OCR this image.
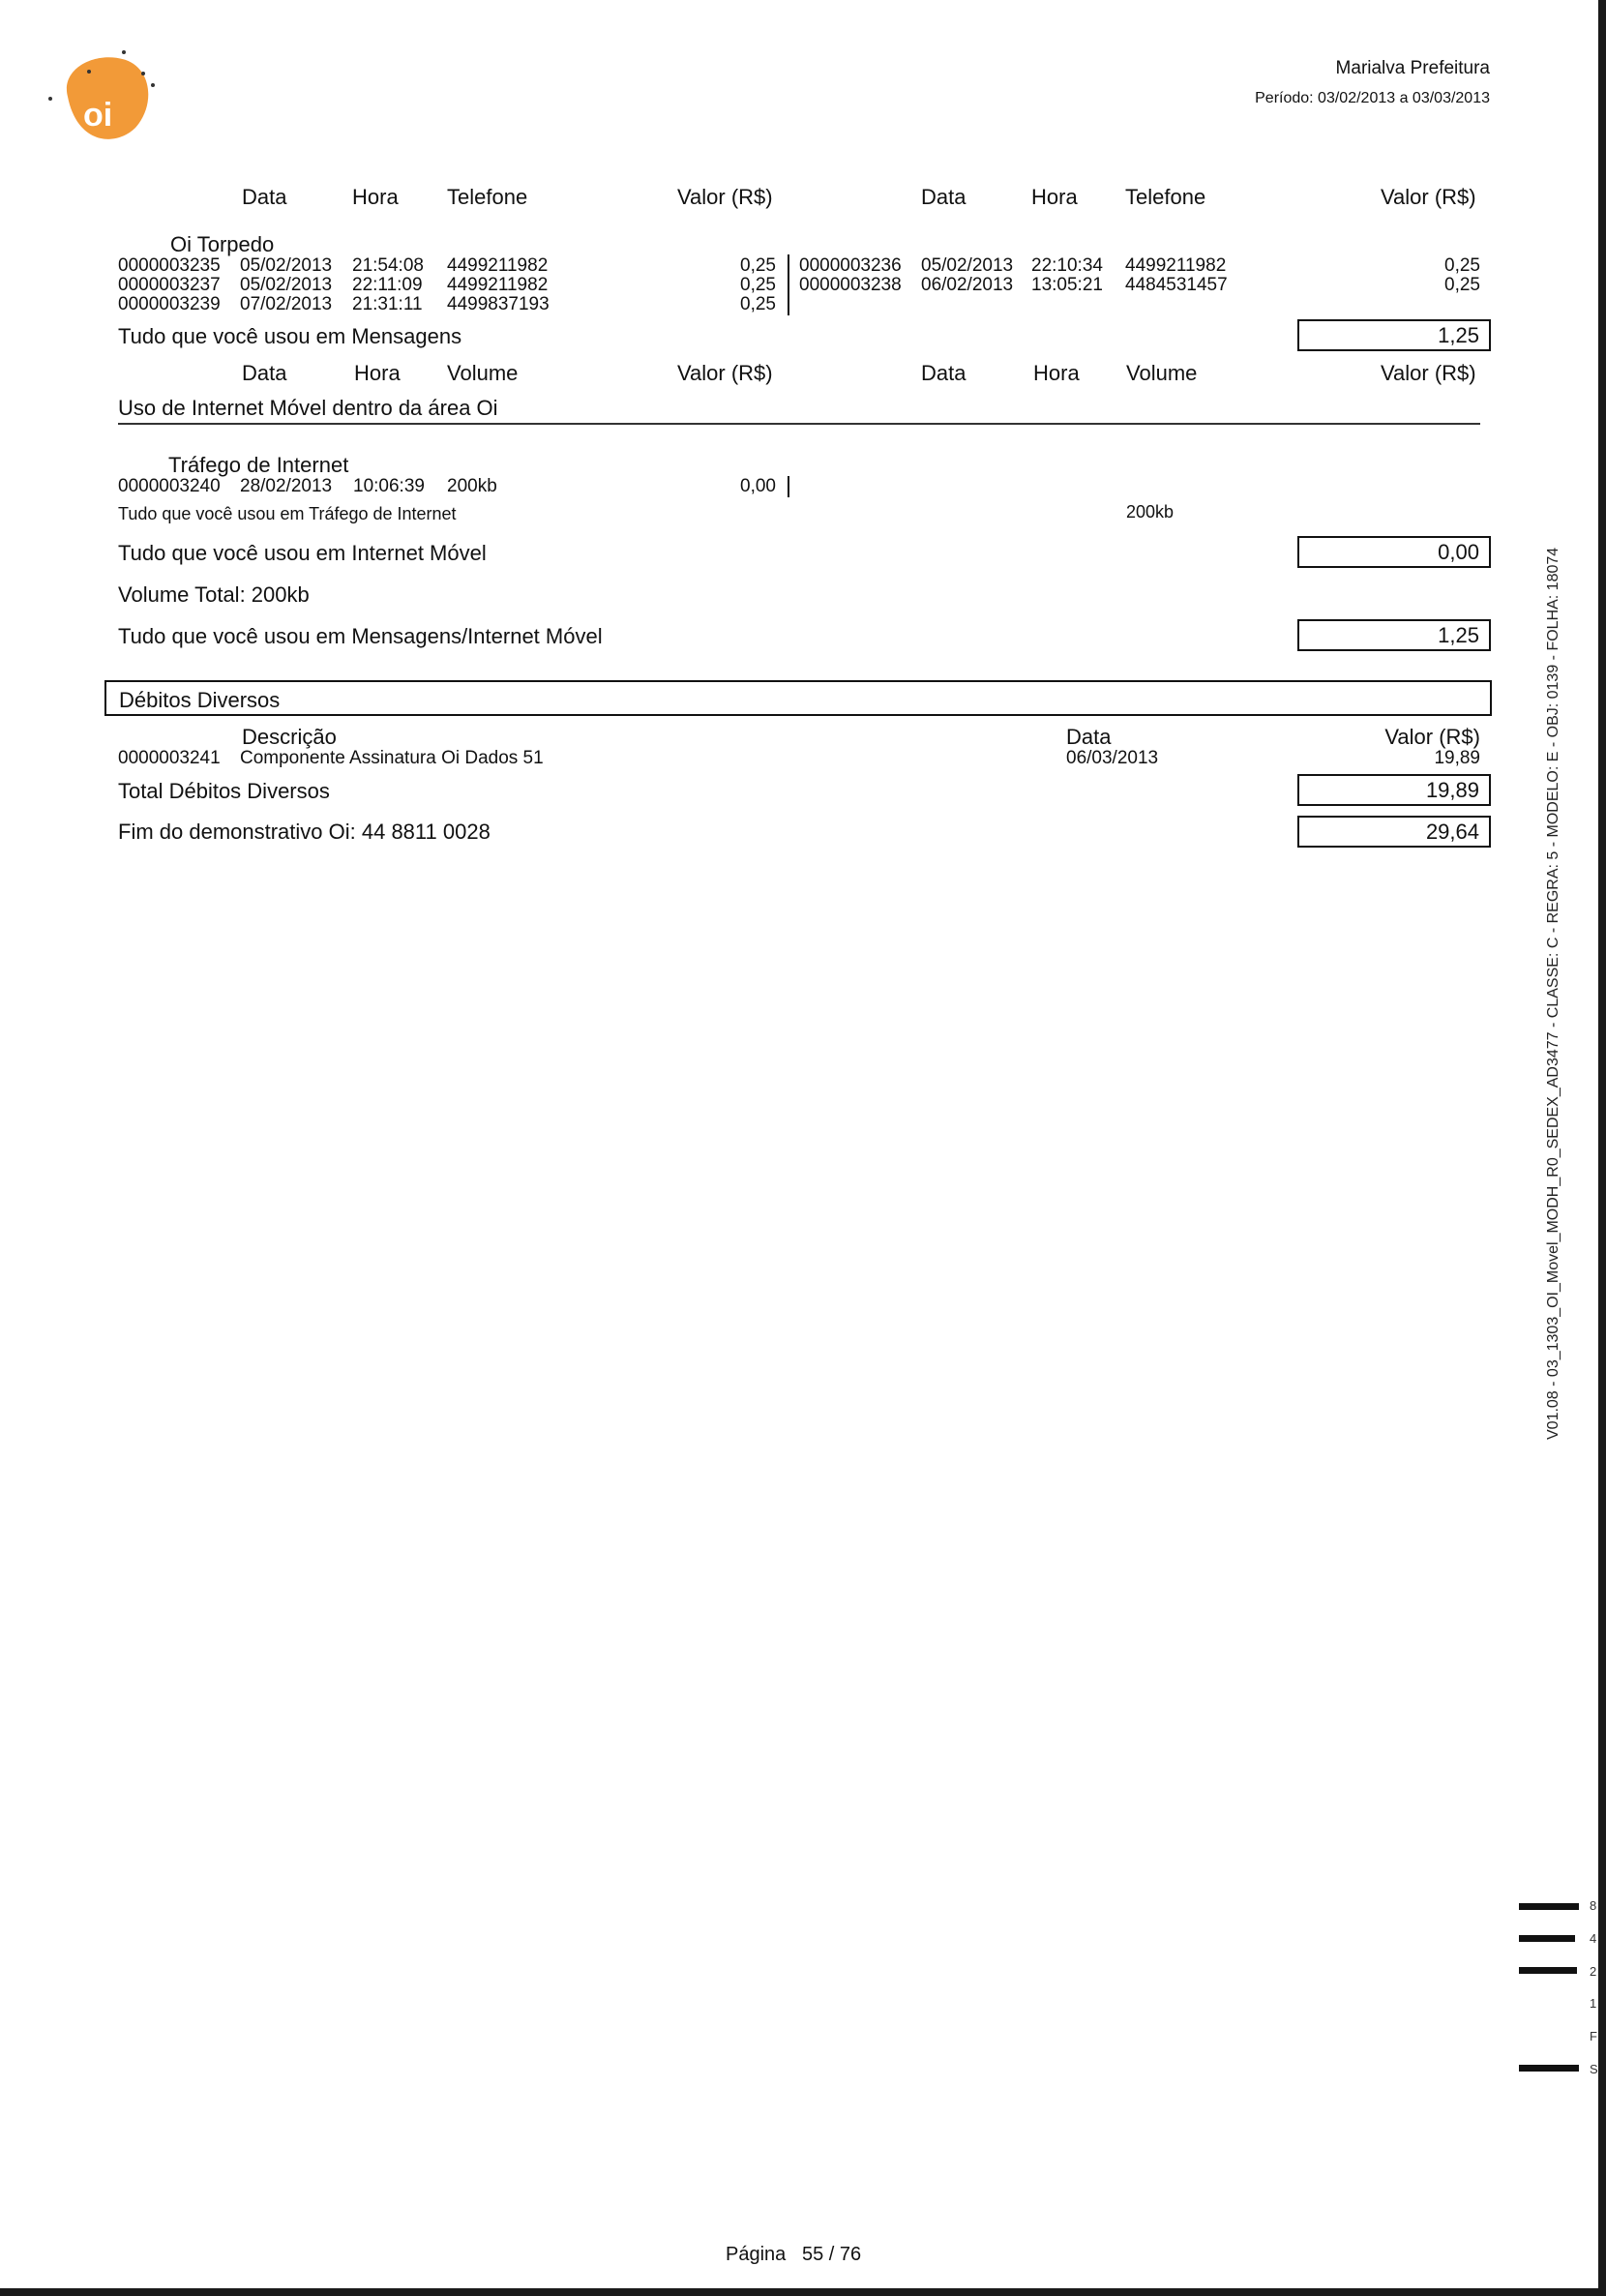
oi
Marialva Prefeitura
Período: 03/02/2013 a 03/03/2013
Data	Hora Telefone	Valor (R$)	Data	Hora Telefone	Valor (R$)
Oi Torpedo
0000003235 05/02/2013 21:54:08 4499211982	0,25
0000003237 05/02/2013 22:11:09 4499211982	0,25
0000003239 07/02/2013 21:31:11 4499837193	0,25
0000003236 05/02/2013 22:10:34 4499211982	0,25
0000003238 06/02/2013 13:05:21 4484531457	0,25
Tudo que você usou em Mensagens	1,25
Data	Hora Volume	Valor (R$)	Data	Hora Volume	Valor (R$)
Uso de Internet Móvel dentro da área Oi
Tráfego de Internet
0000003240 28/02/2013 10:06:39 200kb	0,00
Tudo que você usou em Tráfego de Internet	200kb
Tudo que você usou em Internet Móvel	0,00
Volume Total: 200kb
Tudo que você usou em Mensagens/Internet Móvel	1,25
Débitos Diversos
Descrição	Data	Valor (R$)
0000003241 Componente Assinatura Oi Dados 51	06/03/2013	19,89
Total Débitos Diversos	19,89
Fim do demonstrativo Oi: 44 8811 0028	29,64	V01.08 - 03_1303_OI_Movel_MODH_R0_SEDEX_AD3477 - CLASSE: C - REGRA: 5 - MODELO: E - OBJ: 0139 - FOLHA: 18074
8
4
2
1
F
S
Página   55 / 76
